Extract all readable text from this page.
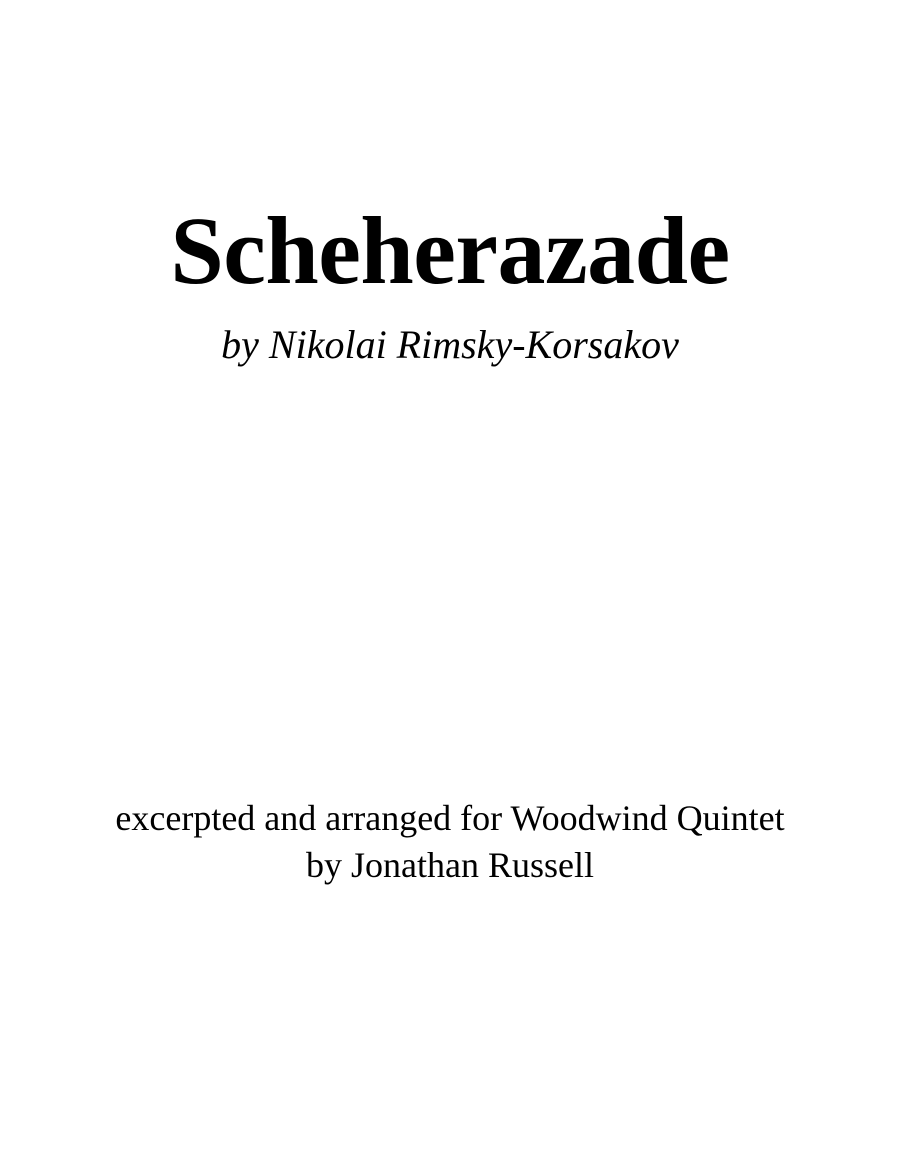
Scheherazade

by Nikolai Rimsky-Korsakov

excerpted and arranged for Woodwind Quintet

by Jonathan Russell
